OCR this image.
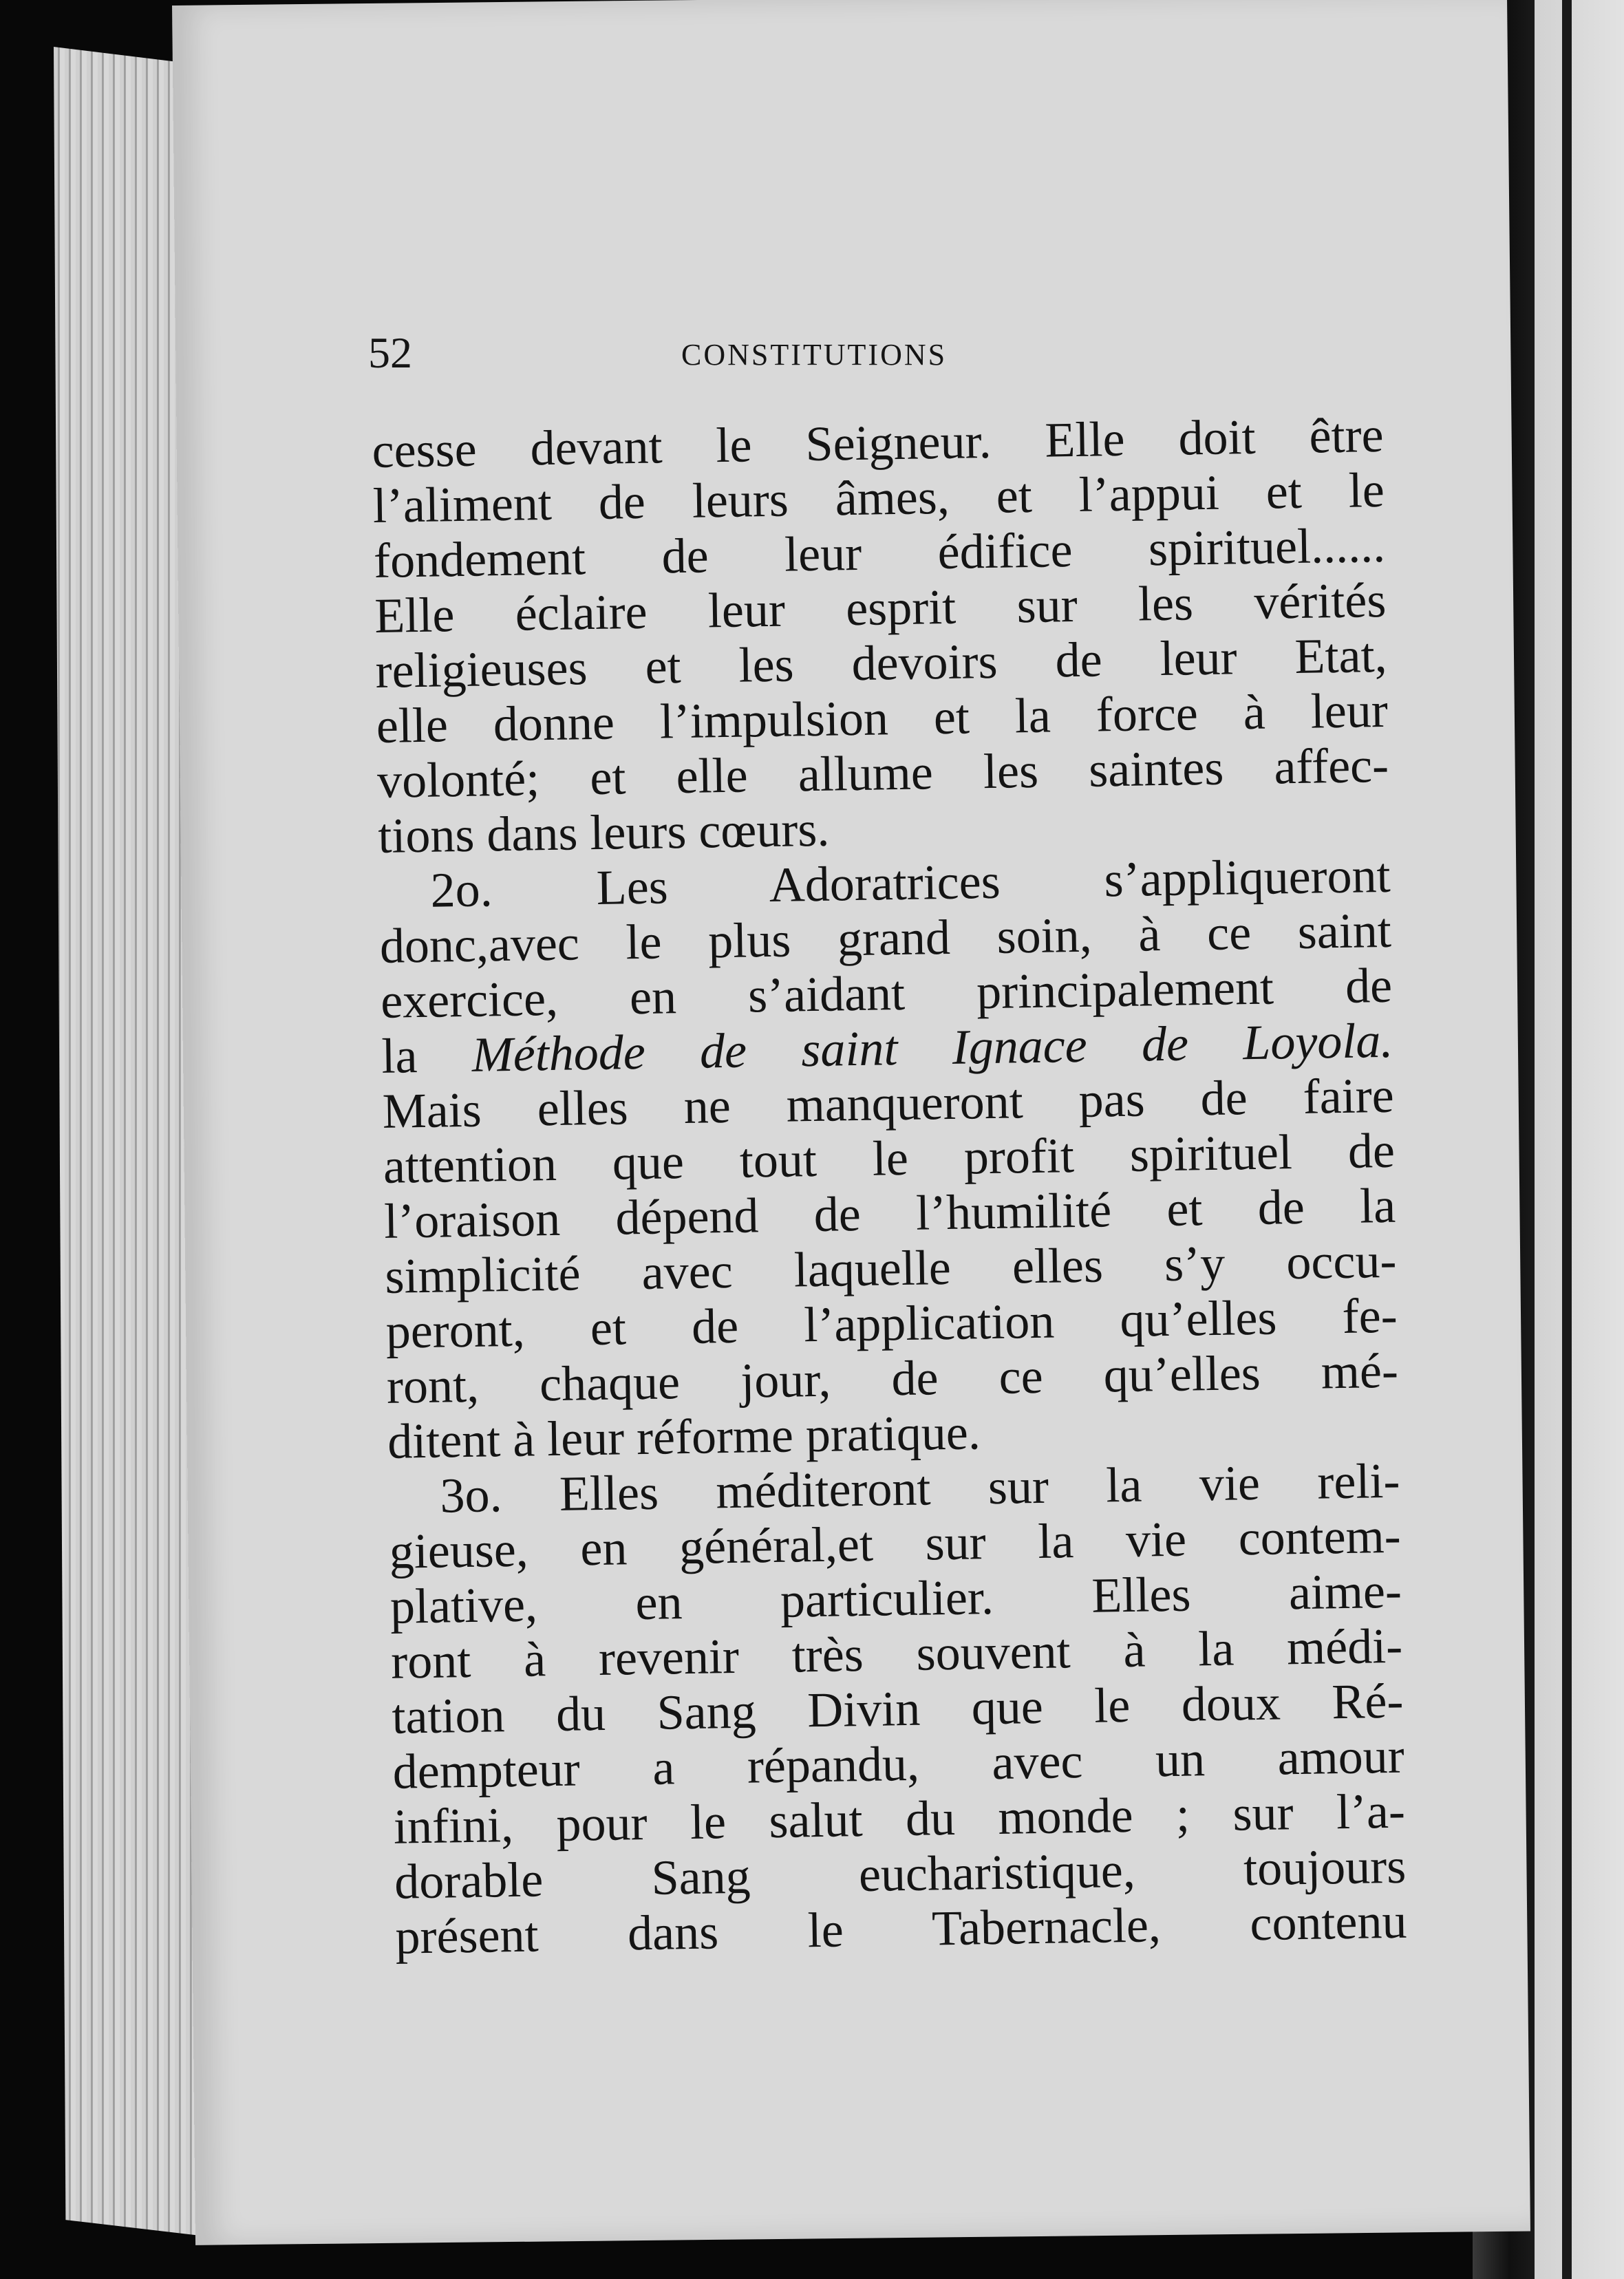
52	CONSTITUTIONS
cesse devant le Seigneur. Elle doit être
l’aliment de leurs âmes, et l’appui et le
fondement de leur édifice spirituel......
Elle éclaire leur esprit sur les vérités
religieuses et les devoirs de leur Etat,
elle donne l’impulsion et la force à leur
volonté; et elle allume les saintes affec-
tions dans leurs cœurs.
2o. Les Adoratrices s’appliqueront
donc,avec le plus grand soin, à ce saint
exercice, en s’aidant principalement de
la Méthode de saint Ignace de Loyola.
Mais elles ne manqueront pas de faire
attention que tout le profit spirituel de
l’oraison dépend de l’humilité et de la
simplicité avec laquelle elles s’y occu-
peront, et de l’application qu’elles fe-
ront, chaque jour, de ce qu’elles mé-
ditent à leur réforme pratique.
3o. Elles méditeront sur la vie reli-
gieuse, en général,et sur la vie contem-
plative, en particulier. Elles aime-
ront à revenir très souvent à la médi-
tation du Sang Divin que le doux Ré-
dempteur a répandu, avec un amour
infini, pour le salut du monde ; sur l’a-
dorable Sang eucharistique, toujours
présent dans le Tabernacle, contenu
